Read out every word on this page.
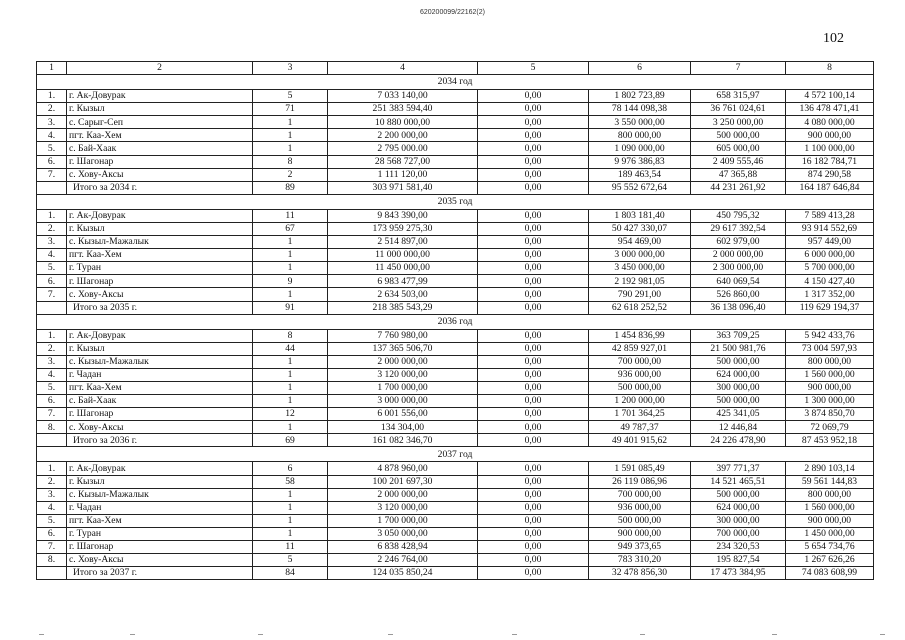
620200099/22162(2)
102
1	2	3	4	5	6	7	8
2034 год							
1.	г. Ак-Довурак	5	7 033 140,00	0,00	1 802 723,89	658 315,97	4 572 100,14
2.	г. Кызыл	71	251 383 594,40	0,00	78 144 098,38	36 761 024,61	136 478 471,41
3.	с. Сарыг-Сеп	1	10 880 000,00	0,00	3 550 000,00	3 250 000,00	4 080 000,00
4.	пгт. Каа-Хем	1	2 200 000,00	0,00	800 000,00	500 000,00	900 000,00
5.	с. Бай-Хаак	1	2 795 000.00	0,00	1 090 000,00	605 000,00	1 100 000,00
6.	г. Шагонар	8	28 568 727,00	0,00	9 976 386,83	2 409 555,46	16 182 784,71
7.	с. Хову-Аксы	2	1 111 120,00	0,00	189 463,54	47 365,88	874 290,58
	Итого за 2034 г.	89	303 971 581,40	0,00	95 552 672,64	44 231 261,92	164 187 646,84
2035 год							
1.	г. Ак-Довурак	11	9 843 390,00	0,00	1 803 181,40	450 795,32	7 589 413,28
2.	г. Кызыл	67	173 959 275,30	0,00	50 427 330,07	29 617 392,54	93 914 552,69
3.	с. Кызыл-Мажалык	1	2 514 897,00	0,00	954 469,00	602 979,00	957 449,00
4.	пгт. Каа-Хем	1	11 000 000,00	0,00	3 000 000,00	2 000 000,00	6 000 000,00
5.	г. Туран	1	11 450 000,00	0,00	3 450 000,00	2 300 000,00	5 700 000,00
6.	г. Шагонар	9	6 983 477,99	0,00	2 192 981,05	640 069,54	4 150 427,40
7.	с. Хову-Аксы	1	2 634 503,00	0,00	790 291,00	526 860,00	1 317 352,00
	Итого за 2035 г.	91	218 385 543,29	0,00	62 618 252,52	36 138 096,40	119 629 194,37
2036 год							
1.	г. Ак-Довурак	8	7 760 980,00	0,00	1 454 836,99	363 709,25	5 942 433,76
2.	г. Кызыл	44	137 365 506,70	0,00	42 859 927,01	21 500 981,76	73 004 597,93
3.	с. Кызыл-Мажалык	1	2 000 000,00	0,00	700 000,00	500 000,00	800 000,00
4.	г. Чадан	1	3 120 000,00	0,00	936 000,00	624 000,00	1 560 000,00
5.	пгт. Каа-Хем	1	1 700 000,00	0,00	500 000,00	300 000,00	900 000,00
6.	с. Бай-Хаак	1	3 000 000,00	0,00	1 200 000,00	500 000,00	1 300 000,00
7.	г. Шагонар	12	6 001 556,00	0,00	1 701 364,25	425 341,05	3 874 850,70
8.	с. Хову-Аксы	1	134 304,00	0,00	49 787,37	12 446,84	72 069,79
	Итого за 2036 г.	69	161 082 346,70	0,00	49 401 915,62	24 226 478,90	87 453 952,18
2037 год							
1.	г. Ак-Довурак	6	4 878 960,00	0,00	1 591 085,49	397 771,37	2 890 103,14
2.	г. Кызыл	58	100 201 697,30	0,00	26 119 086,96	14 521 465,51	59 561 144,83
3.	с. Кызыл-Мажалык	1	2 000 000,00	0,00	700 000,00	500 000,00	800 000,00
4.	г. Чадан	1	3 120 000,00	0,00	936 000,00	624 000,00	1 560 000,00
5.	пгт. Каа-Хем	1	1 700 000,00	0,00	500 000,00	300 000,00	900 000,00
6.	г. Туран	1	3 050 000,00	0,00	900 000,00	700 000,00	1 450 000,00
7.	г. Шагонар	11	6 838 428,94	0,00	949 373,65	234 320,53	5 654 734,76
8.	с. Хову-Аксы	5	2 246 764,00	0,00	783 310,20	195 827,54	1 267 626,26
	Итого за 2037 г.	84	124 035 850,24	0,00	32 478 856,30	17 473 384,95	74 083 608,99
